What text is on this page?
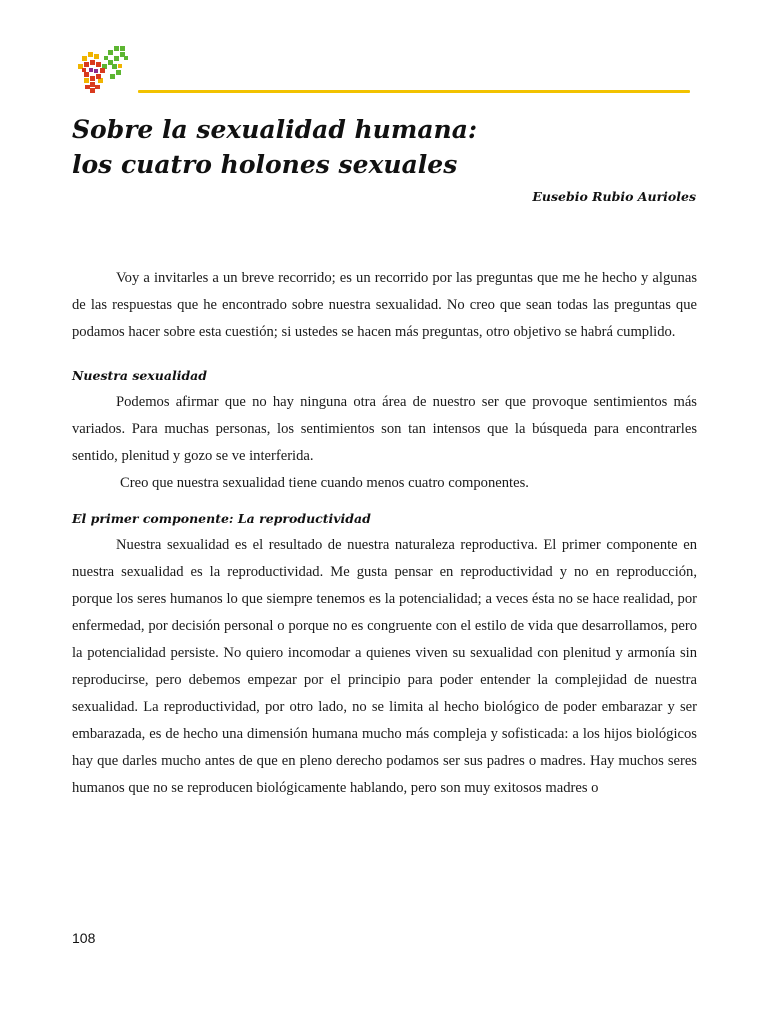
Sobre la sexualidad humana:
los cuatro holones sexuales
Eusebio Rubio Aurioles

Voy a invitarles a un breve recorrido; es un recorrido por las preguntas que me he hecho y algunas de las respuestas que he encontrado sobre nuestra sexualidad. No creo que sean todas las preguntas que podamos hacer sobre esta cuestión; si ustedes se hacen más preguntas, otro objetivo se habrá cumplido.

Nuestra sexualidad

Podemos afirmar que no hay ninguna otra área de nuestro ser que provoque sentimientos más variados. Para muchas personas, los sentimientos son tan intensos que la búsqueda para encontrarles sentido, plenitud y gozo se ve interferida.

Creo que nuestra sexualidad tiene cuando menos cuatro componentes.

El primer componente: La reproductividad

Nuestra sexualidad es el resultado de nuestra naturaleza reproductiva. El primer componente en nuestra sexualidad es la reproductividad. Me gusta pensar en reproductividad y no en reproducción, porque los seres humanos lo que siempre tenemos es la potencialidad; a veces ésta no se hace realidad, por enfermedad, por decisión personal o porque no es congruente con el estilo de vida que desarrollamos, pero la potencialidad persiste. No quiero incomodar a quienes viven su sexualidad con plenitud y armonía sin reproducirse, pero debemos empezar por el principio para poder entender la complejidad de nuestra sexualidad. La reproductividad, por otro lado, no se limita al hecho biológico de poder embarazar y ser embarazada, es de hecho una dimensión humana mucho más compleja y sofisticada: a los hijos biológicos hay que darles mucho antes de que en pleno derecho podamos ser sus padres o madres. Hay muchos seres humanos que no se reproducen biológicamente hablando, pero son muy exitosos madres o

108
